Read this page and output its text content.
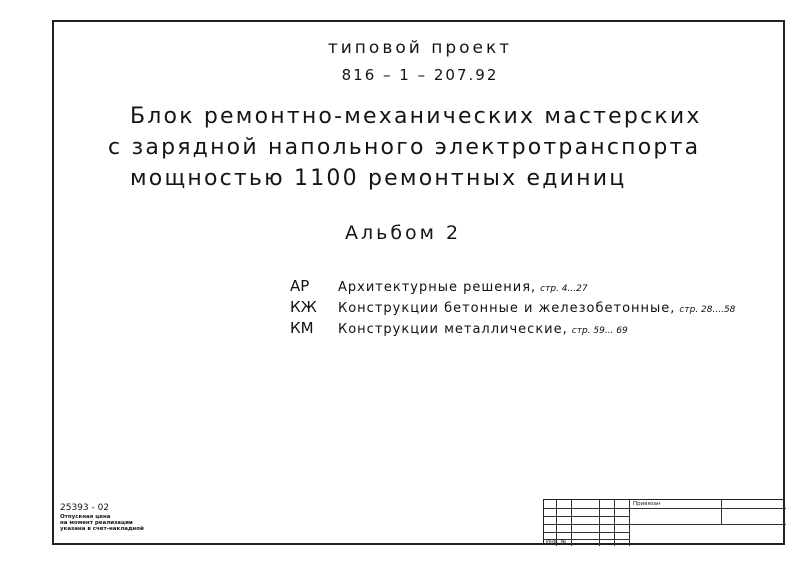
типовой проект
816 – 1 – 207.92
Блок ремонтно-механических мастерских
с зарядной напольного электротранспорта
мощностью 1100 ремонтных единиц
Альбом 2
АР Архитектурные решения, стр. 4...27
КЖ Конструкции бетонные и железобетонные, стр. 28....58
КМ Конструкции металлические, стр. 59... 69
25393 - 02
Отпускная цена
на момент реализации
указана в счет-накладной
Привязан
Инв. №
